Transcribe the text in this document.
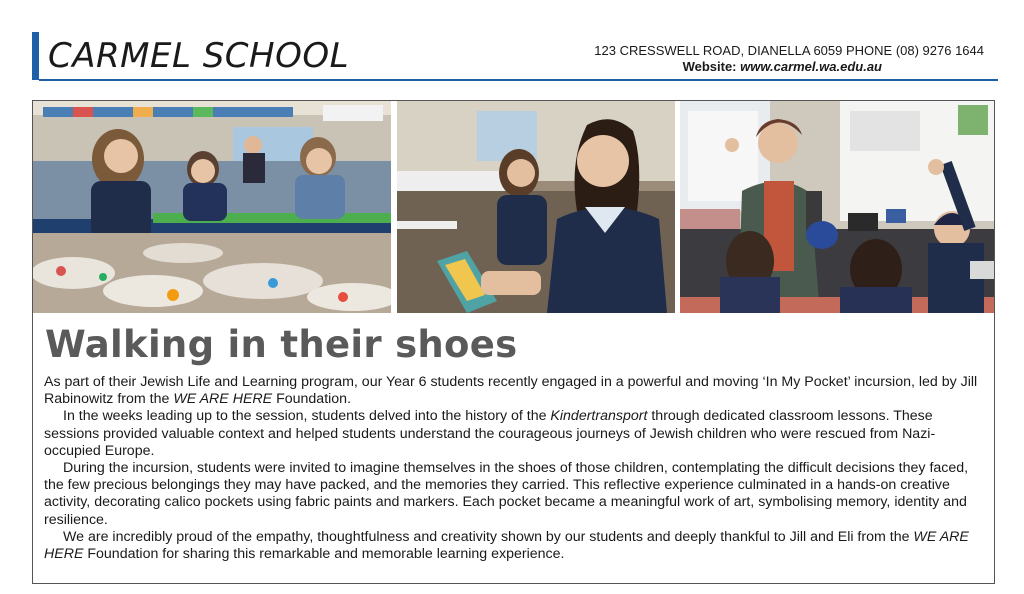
CARMEL SCHOOL	123 CRESSWELL ROAD, DIANELLA 6059 PHONE (08) 9276 1644
Website: www.carmel.wa.edu.au
Walking in their shoes

As part of their Jewish Life and Learning program, our Year 6 students recently engaged in a powerful and moving ‘In My Pocket’ incursion, led by Jill Rabinowitz from the WE ARE HERE Foundation.

In the weeks leading up to the session, students delved into the history of the Kindertransport through dedicated classroom lessons. These sessions provided valuable context and helped students understand the courageous journeys of Jewish children who were rescued from Nazi-occupied Europe.

During the incursion, students were invited to imagine themselves in the shoes of those children, contemplating the difficult decisions they faced, the few precious belongings they may have packed, and the memories they carried. This reflective experience culminated in a hands-on creative activity, decorating calico pockets using fabric paints and markers. Each pocket became a meaningful work of art, symbolising memory, identity and resilience.

We are incredibly proud of the empathy, thoughtfulness and creativity shown by our students and deeply thankful to Jill and Eli from the WE ARE HERE Foundation for sharing this remarkable and memorable learning experience.
